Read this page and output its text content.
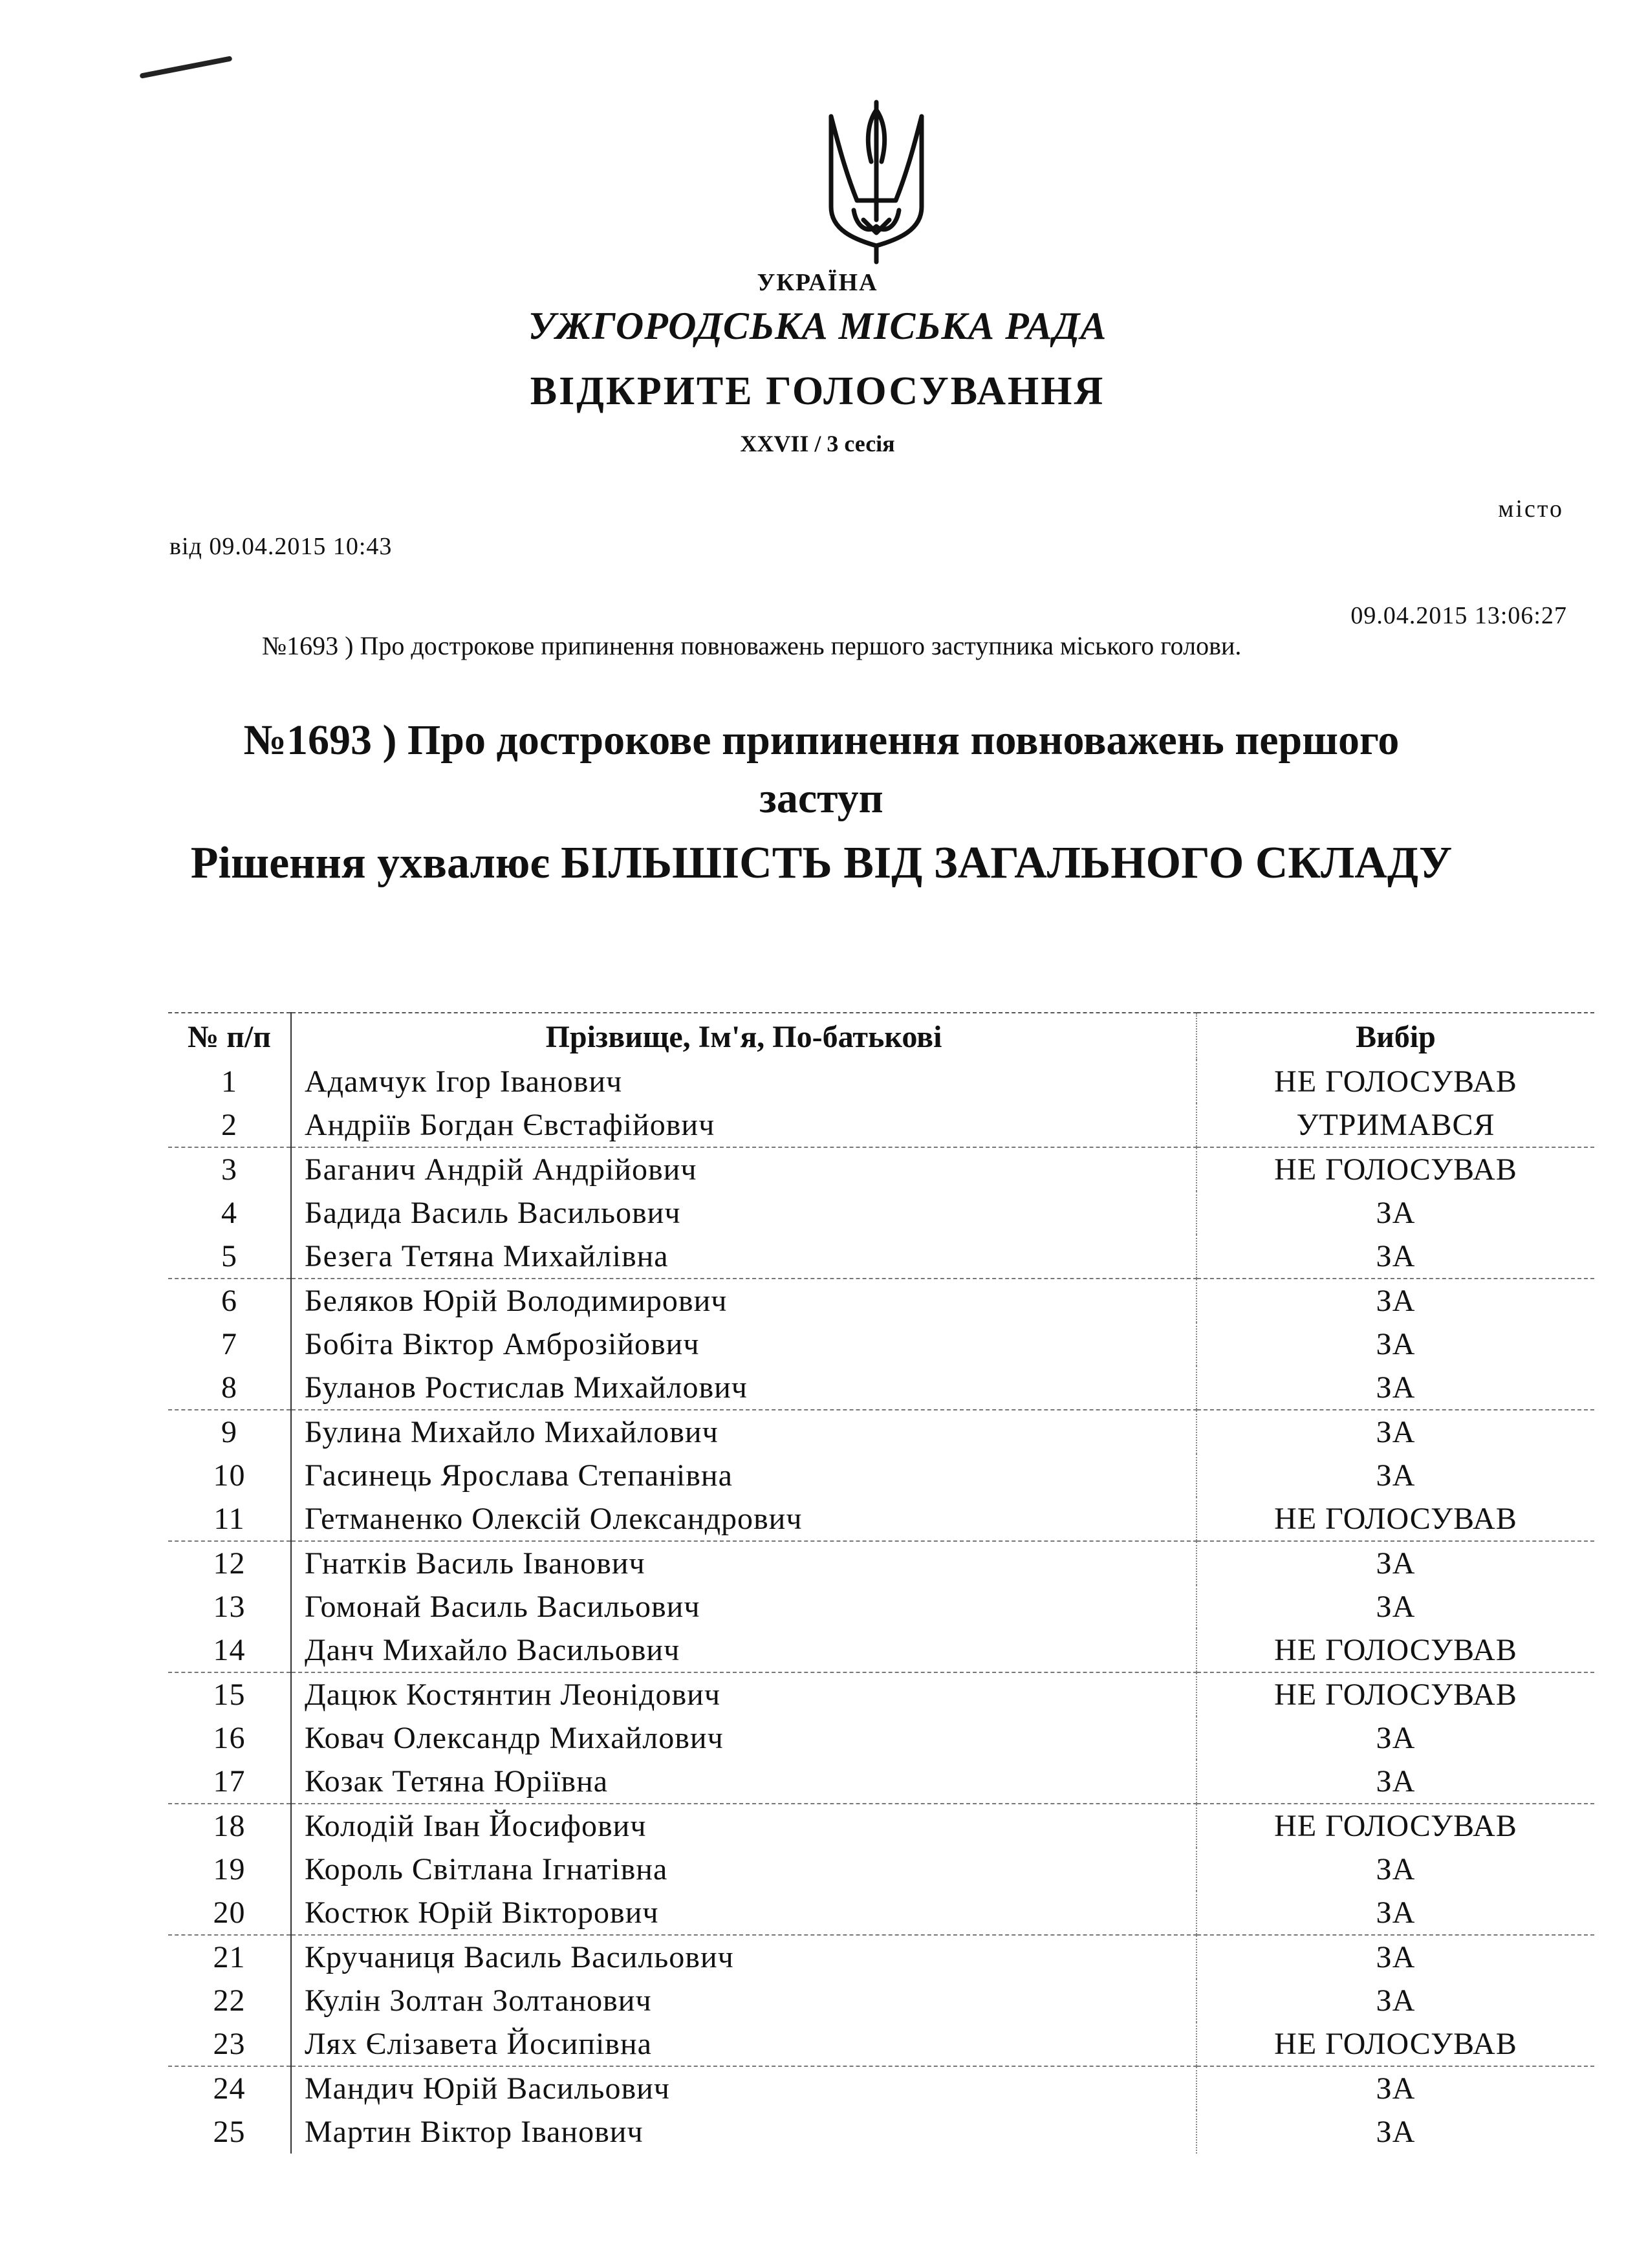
УКРАЇНА
УЖГОРОДСЬКА МІСЬКА РАДА
ВІДКРИТЕ ГОЛОСУВАННЯ
XXVII / 3 сесія
місто
від 09.04.2015 10:43
09.04.2015 13:06:27
№1693 ) Про дострокове припинення повноважень першого заступника міського голови.
№1693 ) Про дострокове припинення повноважень першого
заступ
Рішення ухвалює БІЛЬШІСТЬ ВІД ЗАГАЛЬНОГО СКЛАДУ
№ п/п	Прізвище, Ім'я, По-батькові	Вибір
1	Адамчук Ігор Іванович	НЕ ГОЛОСУВАВ
2	Андріїв Богдан Євстафійович	УТРИМАВСЯ
3	Баганич Андрій Андрійович	НЕ ГОЛОСУВАВ
4	Бадида Василь Васильович	ЗА
5	Безега Тетяна Михайлівна	ЗА
6	Беляков Юрій Володимирович	ЗА
7	Бобіта Віктор Амброзійович	ЗА
8	Буланов Ростислав Михайлович	ЗА
9	Булина Михайло Михайлович	ЗА
10	Гасинець Ярослава Степанівна	ЗА
11	Гетманенко Олексій Олександрович	НЕ ГОЛОСУВАВ
12	Гнатків Василь Іванович	ЗА
13	Гомонай Василь Васильович	ЗА
14	Данч Михайло Васильович	НЕ ГОЛОСУВАВ
15	Дацюк Костянтин Леонідович	НЕ ГОЛОСУВАВ
16	Ковач Олександр Михайлович	ЗА
17	Козак Тетяна Юріївна	ЗА
18	Колодій Іван Йосифович	НЕ ГОЛОСУВАВ
19	Король Світлана Ігнатівна	ЗА
20	Костюк Юрій Вікторович	ЗА
21	Кручаниця Василь Васильович	ЗА
22	Кулін Золтан Золтанович	ЗА
23	Лях Єлізавета Йосипівна	НЕ ГОЛОСУВАВ
24	Мандич Юрій Васильович	ЗА
25	Мартин Віктор Іванович	ЗА
